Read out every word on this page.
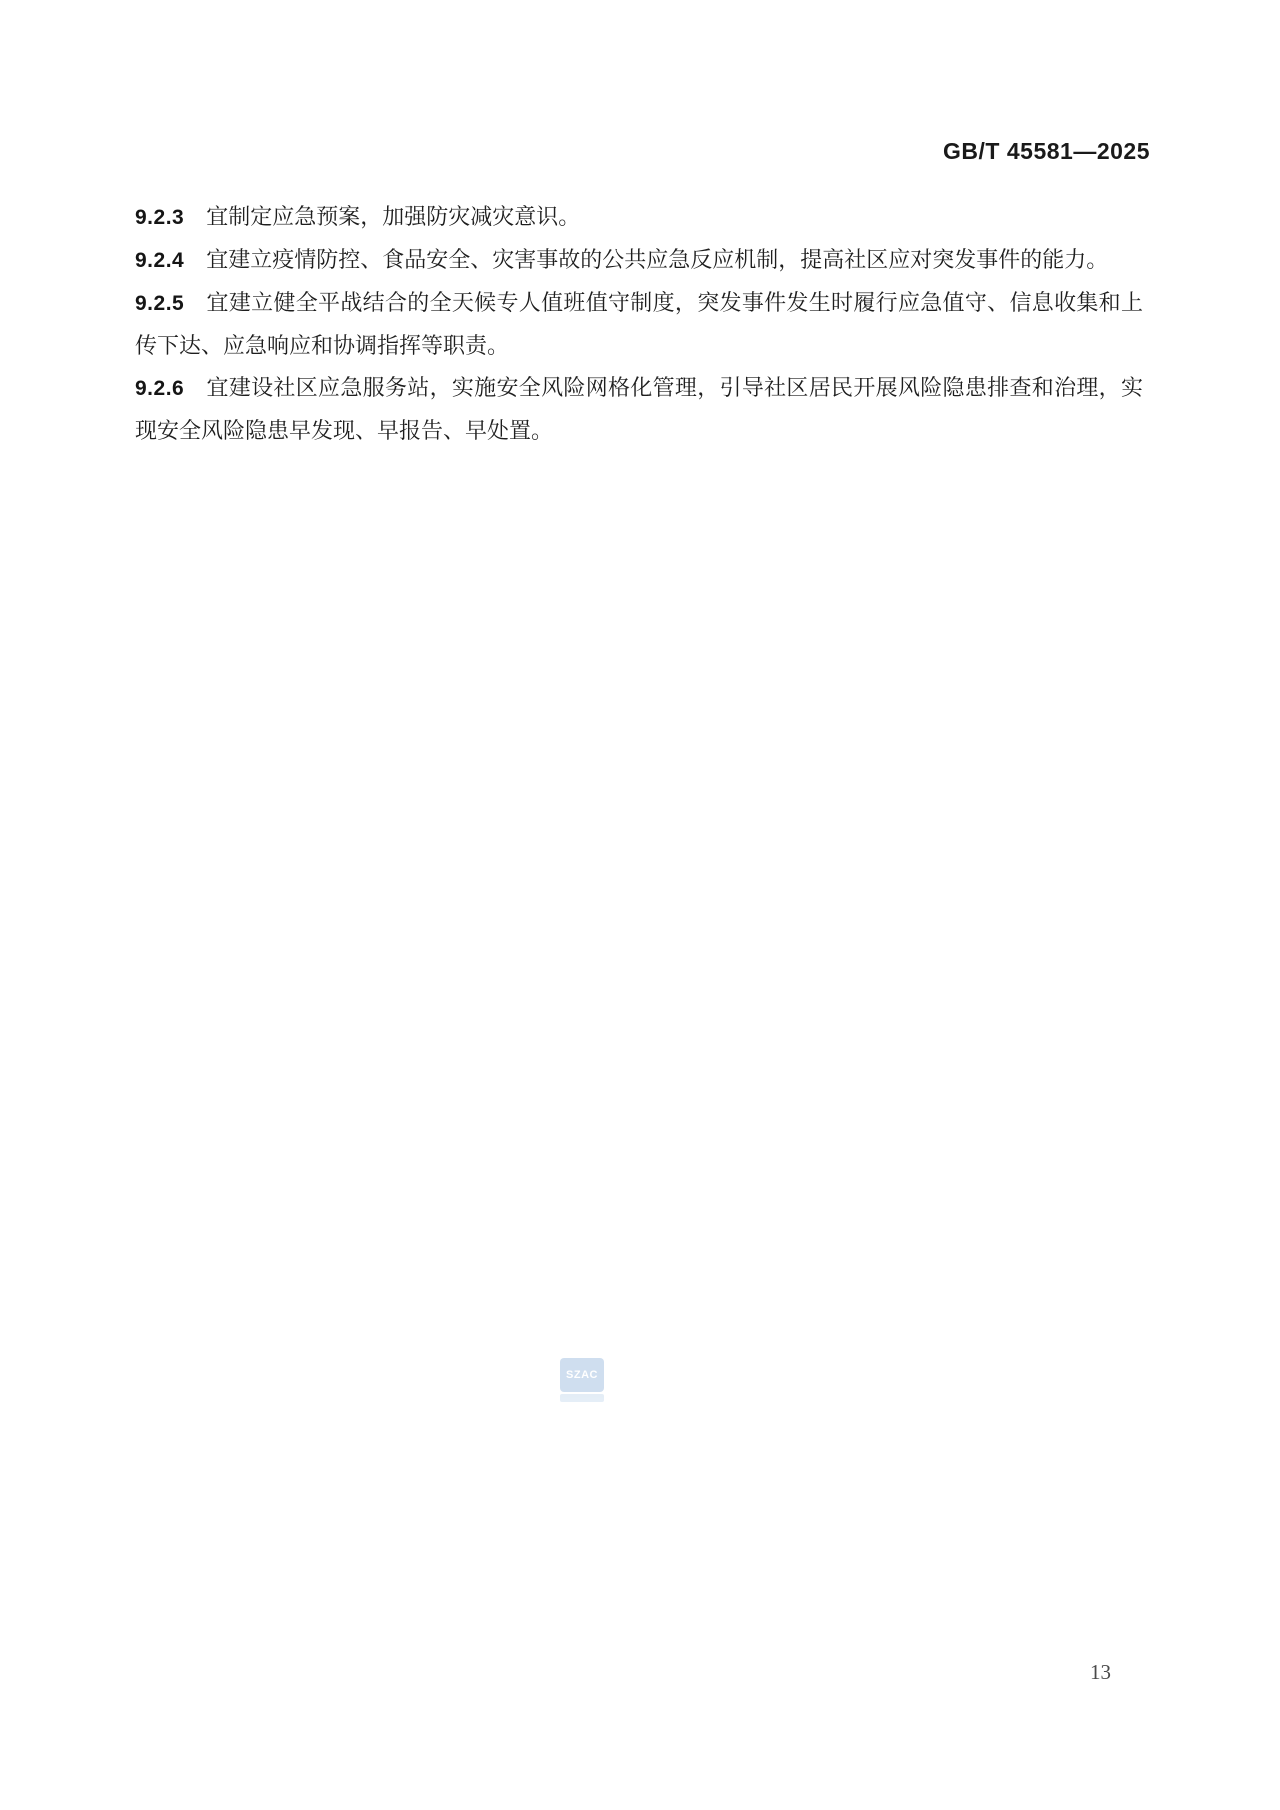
GB/T 45581—2025

9.2.3 宜制定应急预案，加强防灾减灾意识。

9.2.4 宜建立疫情防控、食品安全、灾害事故的公共应急反应机制，提高社区应对突发事件的能力。

9.2.5 宜建立健全平战结合的全天候专人值班值守制度，突发事件发生时履行应急值守、信息收集和上传下达、应急响应和协调指挥等职责。

9.2.6 宜建设社区应急服务站，实施安全风险网格化管理，引导社区居民开展风险隐患排查和治理，实现安全风险隐患早发现、早报告、早处置。

SZAC
13
